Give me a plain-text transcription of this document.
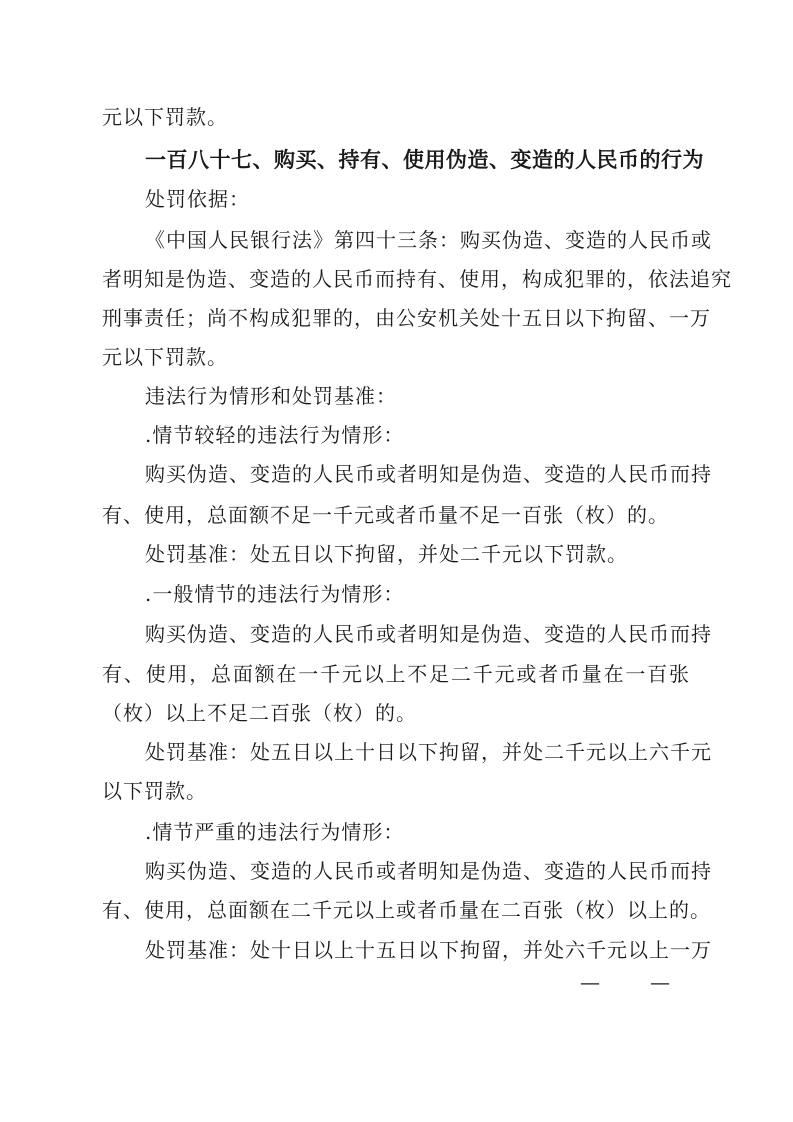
元以下罚款。
一百八十七、购买、持有、使用伪造、变造的人民币的行为
处罚依据：
《中国人民银行法》第四十三条：购买伪造、变造的人民币或
者明知是伪造、变造的人民币而持有、使用，构成犯罪的，依法追究
刑事责任；尚不构成犯罪的，由公安机关处十五日以下拘留、一万
元以下罚款。
违法行为情形和处罚基准：
.情节较轻的违法行为情形：
购买伪造、变造的人民币或者明知是伪造、变造的人民币而持
有、使用，总面额不足一千元或者币量不足一百张（枚）的。
处罚基准：处五日以下拘留，并处二千元以下罚款。
.一般情节的违法行为情形：
购买伪造、变造的人民币或者明知是伪造、变造的人民币而持
有、使用，总面额在一千元以上不足二千元或者币量在一百张
（枚）以上不足二百张（枚）的。
处罚基准：处五日以上十日以下拘留，并处二千元以上六千元
以下罚款。
.情节严重的违法行为情形：
购买伪造、变造的人民币或者明知是伪造、变造的人民币而持
有、使用，总面额在二千元以上或者币量在二百张（枚）以上的。
处罚基准：处十日以上十五日以下拘留，并处六千元以上一万
— —
